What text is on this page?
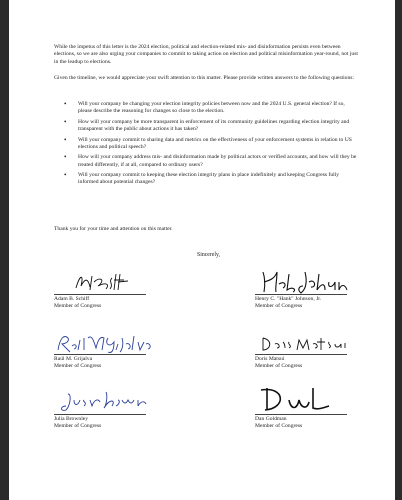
While the impetus of this letter is the 2024 election, political and election-related mis- and disinformation persists even between elections, so we are also urging your companies to commit to taking action on election and political misinformation year-round, not just in the leadup to elections.
Given the timeline, we would appreciate your swift attention to this matter. Please provide written answers to the following questions:
• Will your company be changing your election integrity policies between now and the 2024 U.S. general election? If so, please describe the reasoning for changes so close to the election.
• How will your company be more transparent in enforcement of its community guidelines regarding election integrity and transparent with the public about actions it has taken?
• Will your company commit to sharing data and metrics on the effectiveness of your enforcement systems in relation to US elections and political speech?
• How will your company address mis- and disinformation made by political actors or verified accounts, and how will they be treated differently, if at all, compared to ordinary users?
• Will your company commit to keeping these election integrity plans in place indefinitely and keeping Congress fully informed about potential changes?
Thank you for your time and attention on this matter.
Sincerely,
Adam B. Schiff
Member of Congress
Henry C. "Hank" Johnson, Jr.
Member of Congress
Raúl M. Grijalva
Member of Congress
Doris Matsui
Member of Congress
Julia Brownley
Member of Congress
Dan Goldman
Member of Congress
